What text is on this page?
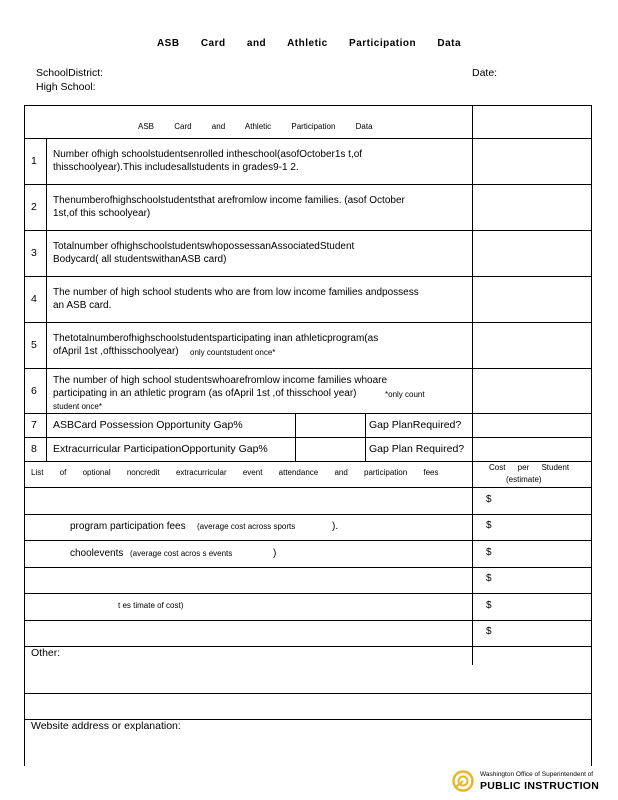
ASB Card and Athletic Participation Data
SchoolDistrict:
High School:
Date:
ASB Card and Athletic Participation Data
1
Number ofhigh schoolstudentsenrolled intheschool(asofOctober1s t,of
thisschoolyear).This includesallstudents in grades9-1 2.
2
Thenumberofhighschoolstudentsthat arefromlow income families. (asof October
1st,of this schoolyear)
3
Totalnumber ofhighschoolstudentswhopossessanAssociatedStudent
Bodycard( all studentswithanASB card)
4
The number of high school students who are from low income families andpossess
an ASB card.
5
Thetotalnumberofhighschoolstudentsparticipating inan athleticprogram(as
ofApril 1st ,ofthisschoolyear) only countstudent once*
6
The number of high school studentswhoarefromlow income families whoare
participating in an athletic program (as ofApril 1st ,of thisschool year)	*only count
student once*
7 ASBCard Possession Opportunity Gap%	Gap PlanRequired?
8 Extracurricular ParticipationOpportunity Gap%	Gap Plan Required?
List of optional noncredit extracurricular event attendance and participation fees
Cost per Student
(estimate)
$
program participation fees (average cost across sports	).	$
choolevents (average cost acros s events	)	$
$
t es timate of cost)	$
$
Other:
Website address or explanation:
Washington Office of Superintendent of
PUBLIC INSTRUCTION
